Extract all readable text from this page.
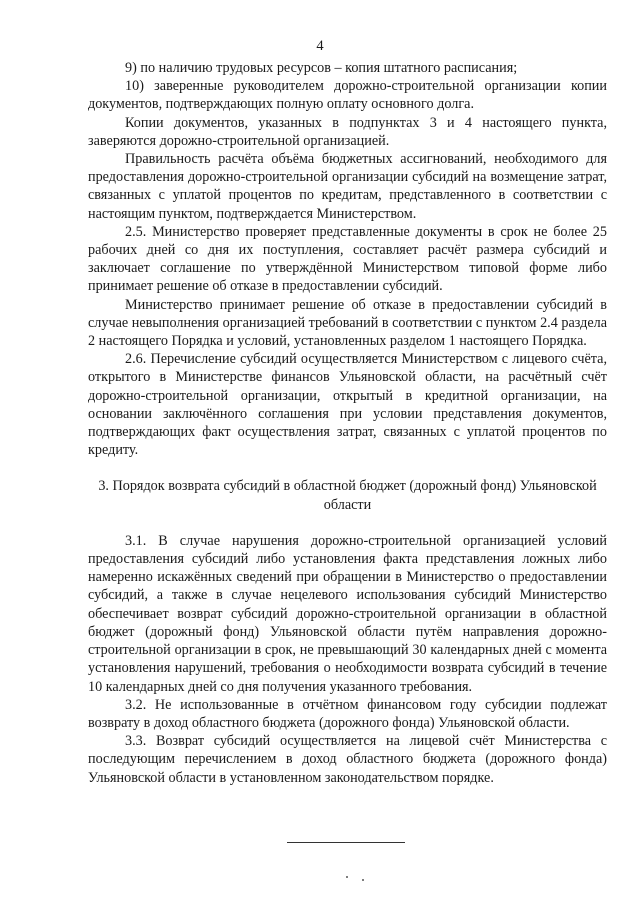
4

9) по наличию трудовых ресурсов – копия штатного расписания;

10) заверенные руководителем дорожно-строительной организации копии документов, подтверждающих полную оплату основного долга.

Копии документов, указанных в подпунктах 3 и 4 настоящего пункта, заверяются дорожно-строительной организацией.

Правильность расчёта объёма бюджетных ассигнований, необходимого для предоставления дорожно-строительной организации субсидий на возмещение затрат, связанных с уплатой процентов по кредитам, представленного в соответствии с настоящим пунктом, подтверждается Министерством.

2.5. Министерство проверяет представленные документы в срок не более 25 рабочих дней со дня их поступления, составляет расчёт размера субсидий и заключает соглашение по утверждённой Министерством типовой форме либо принимает решение об отказе в предоставлении субсидий.

Министерство принимает решение об отказе в предоставлении субсидий в случае невыполнения организацией требований в соответствии с пунктом 2.4 раздела 2 настоящего Порядка и условий, установленных разделом 1 настоящего Порядка.

2.6. Перечисление субсидий осуществляется Министерством с лицевого счёта, открытого в Министерстве финансов Ульяновской области, на расчётный счёт дорожно-строительной организации, открытый в кредитной организации, на основании заключённого соглашения при условии представления документов, подтверждающих факт осуществления затрат, связанных с уплатой процентов по кредиту.

3. Порядок возврата субсидий в областной бюджет (дорожный фонд) Ульяновской области

3.1. В случае нарушения дорожно-строительной организацией условий предоставления субсидий либо установления факта представления ложных либо намеренно искажённых сведений при обращении в Министерство о предоставлении субсидий, а также в случае нецелевого использования субсидий Министерство обеспечивает возврат субсидий дорожно-строительной организации в областной бюджет (дорожный фонд) Ульяновской области путём направления дорожно-строительной организации в срок, не превышающий 30 календарных дней с момента установления нарушений, требования о необходимости возврата субсидий в течение 10 календарных дней со дня получения указанного требования.

3.2. Не использованные в отчётном финансовом году субсидии подлежат возврату в доход областного бюджета (дорожного фонда) Ульяновской области.

3.3. Возврат субсидий осуществляется на лицевой счёт Министерства с последующим перечислением в доход областного бюджета (дорожного фонда) Ульяновской области в установленном законодательством порядке.
